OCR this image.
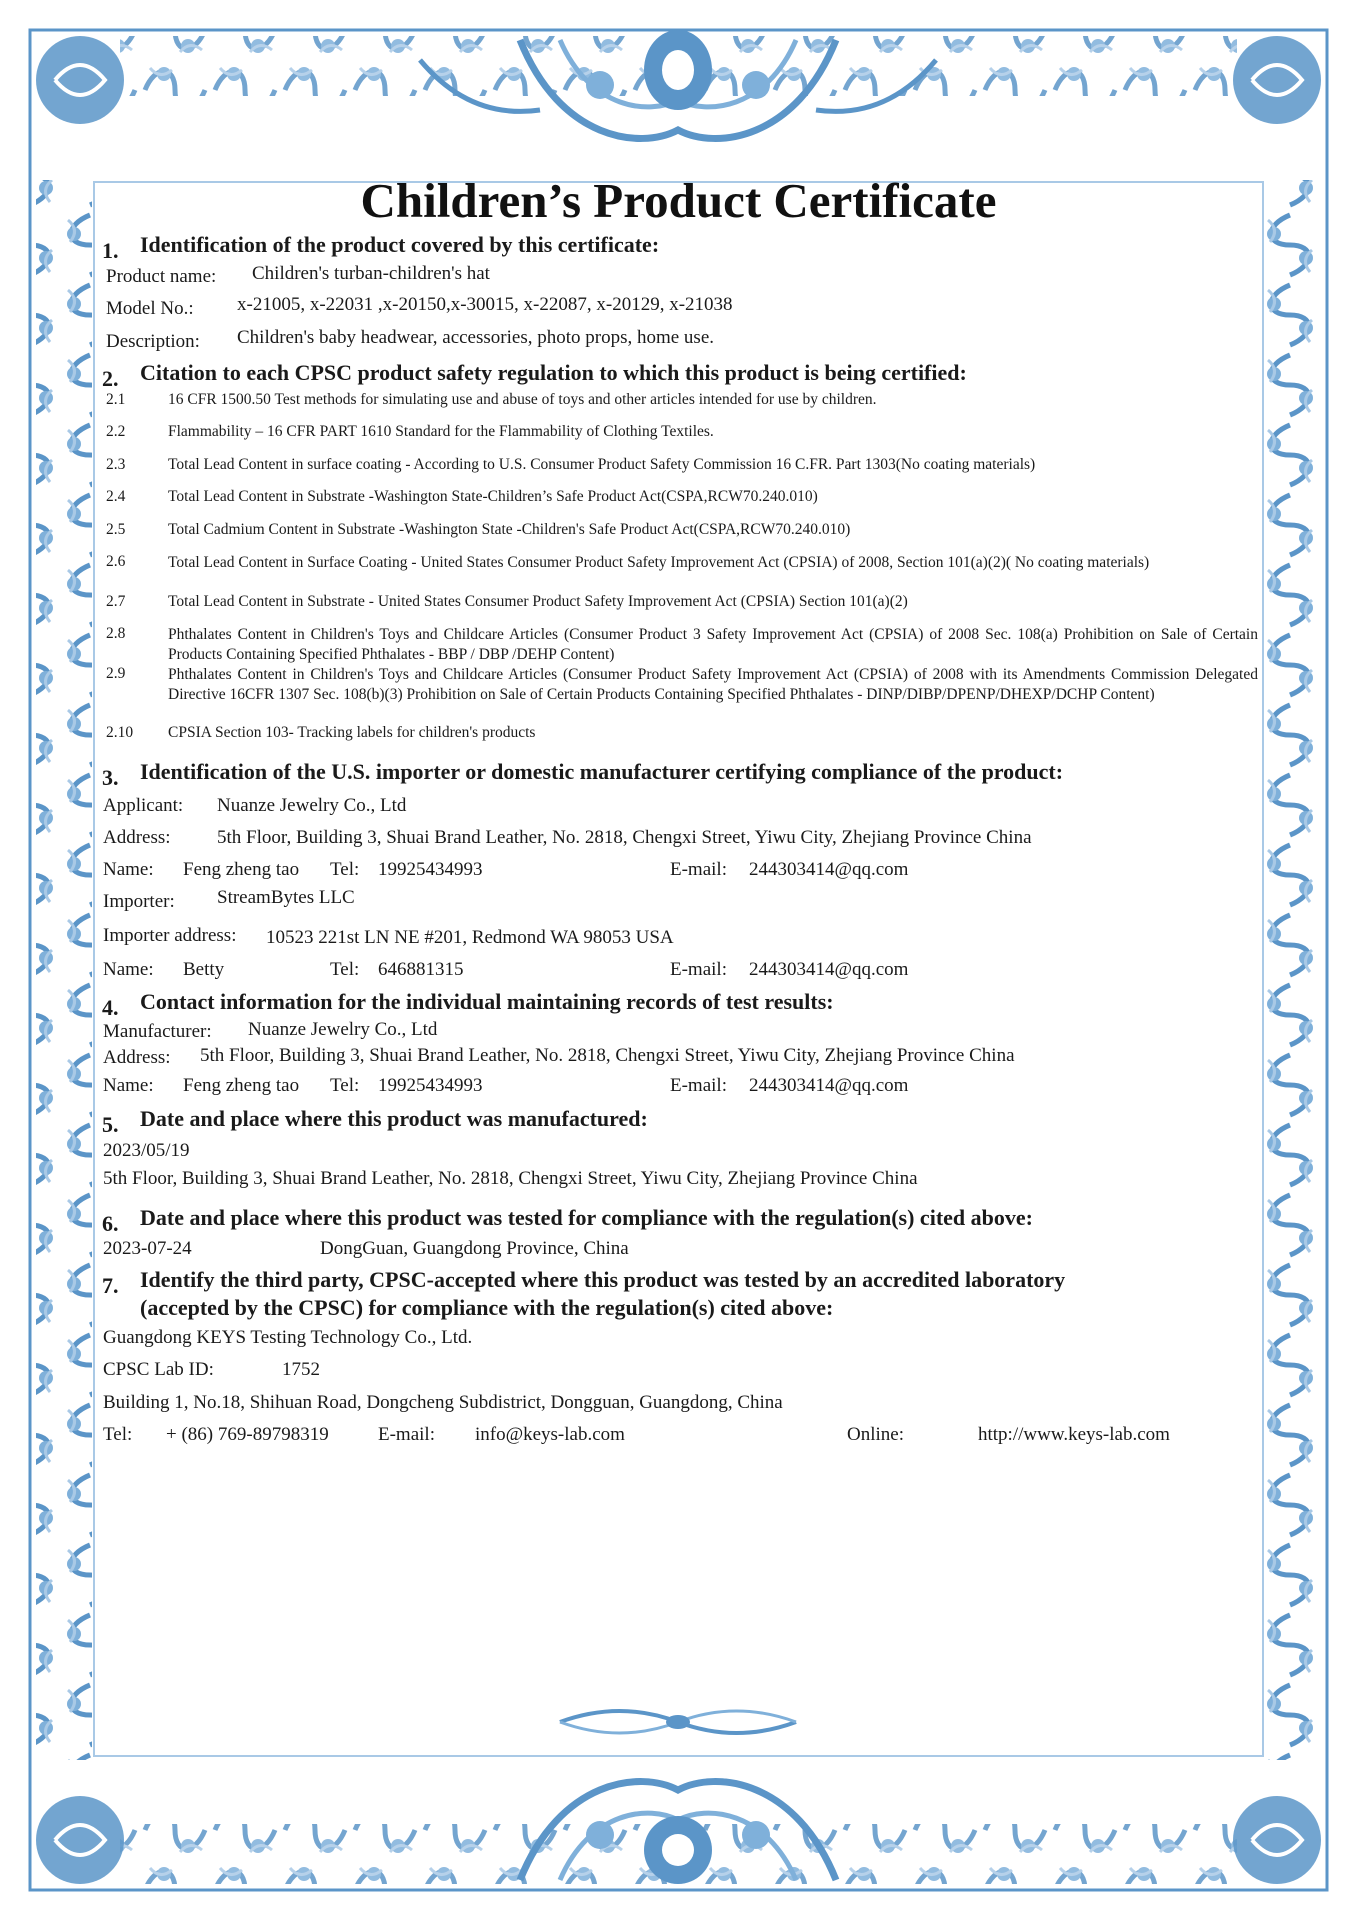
Children’s Product Certificate
1. Identification of the product covered by this certificate:
Product name: Children's turban-children's hat
Model No.: x-21005, x-22031 ,x-20150,x-30015, x-22087, x-20129, x-21038
Description: Children's baby headwear, accessories, photo props, home use.
2. Citation to each CPSC product safety regulation to which this product is being certified:
2.1	16 CFR 1500.50 Test methods for simulating use and abuse of toys and other articles intended for use by children.
2.2	Flammability – 16 CFR PART 1610 Standard for the Flammability of Clothing Textiles.
2.3	Total Lead Content in surface coating - According to U.S. Consumer Product Safety Commission 16 C.FR. Part 1303(No coating materials)
2.4	Total Lead Content in Substrate -Washington State-Children’s Safe Product Act(CSPA,RCW70.240.010)
2.5	Total Cadmium Content in Substrate -Washington State -Children's Safe Product Act(CSPA,RCW70.240.010)
2.6	Total Lead Content in Surface Coating - United States Consumer Product Safety Improvement Act (CPSIA) of 2008, Section 101(a)(2)( No coating materials)
2.7	Total Lead Content in Substrate - United States Consumer Product Safety Improvement Act (CPSIA) Section 101(a)(2)
2.8	Phthalates Content in Children's Toys and Childcare Articles (Consumer Product 3 Safety Improvement Act (CPSIA) of 2008 Sec. 108(a) Prohibition on Sale of Certain Products Containing Specified Phthalates - BBP / DBP /DEHP Content)
2.9	Phthalates Content in Children's Toys and Childcare Articles (Consumer Product Safety Improvement Act (CPSIA) of 2008 with its Amendments Commission Delegated Directive 16CFR 1307 Sec. 108(b)(3) Prohibition on Sale of Certain Products Containing Specified Phthalates - DINP/DIBP/DPENP/DHEXP/DCHP Content)
2.10 CPSIA Section 103- Tracking labels for children's products
3. Identification of the U.S. importer or domestic manufacturer certifying compliance of the product:
Applicant: Nuanze Jewelry Co., Ltd
Address: 5th Floor, Building 3, Shuai Brand Leather, No. 2818, Chengxi Street, Yiwu City, Zhejiang Province China
Name: Feng zheng tao Tel: 19925434993	E-mail: 244303414@qq.com
Importer: StreamBytes LLC
Importer address: 10523 221st LN NE #201, Redmond WA 98053 USA
Name: Betty	Tel: 646881315	E-mail: 244303414@qq.com
4. Contact information for the individual maintaining records of test results:
Manufacturer: Nuanze Jewelry Co., Ltd
Address: 5th Floor, Building 3, Shuai Brand Leather, No. 2818, Chengxi Street, Yiwu City, Zhejiang Province China
Name: Feng zheng tao Tel: 19925434993	E-mail: 244303414@qq.com
5. Date and place where this product was manufactured:
2023/05/19
5th Floor, Building 3, Shuai Brand Leather, No. 2818, Chengxi Street, Yiwu City, Zhejiang Province China
6. Date and place where this product was tested for compliance with the regulation(s) cited above:
2023-07-24	DongGuan, Guangdong Province, China
7. Identify the third party, CPSC-accepted where this product was tested by an accredited laboratory
(accepted by the CPSC) for compliance with the regulation(s) cited above:
Guangdong KEYS Testing Technology Co., Ltd.
CPSC Lab ID:	1752
Building 1, No.18, Shihuan Road, Dongcheng Subdistrict, Dongguan, Guangdong, China
Tel: + (86) 769-89798319	E-mail: info@keys-lab.com	Online:	http://www.keys-lab.com
